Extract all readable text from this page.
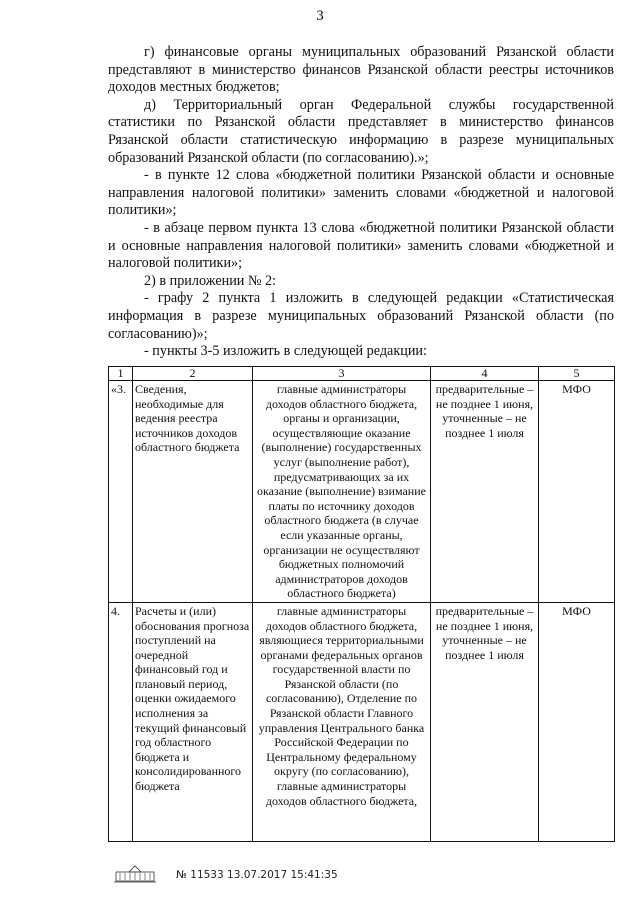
3

г) финансовые органы муниципальных образований Рязанской области представляют в министерство финансов Рязанской области реестры источников доходов местных бюджетов;

д) Территориальный орган Федеральной службы государственной статистики по Рязанской области представляет в министерство финансов Рязанской области статистическую информацию в разрезе муниципальных образований Рязанской области (по согласованию).»;

- в пункте 12 слова «бюджетной политики Рязанской области и основные направления налоговой политики» заменить словами «бюджетной и налоговой политики»;

- в абзаце первом пункта 13 слова «бюджетной политики Рязанской области и основные направления налоговой политики» заменить словами «бюджетной и налоговой политики»;

2) в приложении № 2:

- графу 2 пункта 1 изложить в следующей редакции «Статистическая информация в разрезе муниципальных образований Рязанской области (по согласованию)»;

- пункты 3-5 изложить в следующей редакции:

1	2	3	4	5
«3.	Сведения, необходимые для ведения реестра источников доходов областного бюджета	главные администраторы доходов областного бюджета, органы и организации, осуществляющие оказание (выполнение) государственных услуг (выполнение работ), предусматривающих за их оказание (выполнение) взимание платы по источнику доходов областного бюджета (в случае если указанные органы, организации не осуществляют бюджетных полномочий администраторов доходов областного бюджета)	предварительные – не позднее 1 июня, уточненные – не позднее 1 июля	МФО
4.	Расчеты и (или) обоснования прогноза поступлений на очередной финансовый год и плановый период, оценки ожидаемого исполнения за текущий финансовый год областного бюджета и консолидированного бюджета	главные администраторы доходов областного бюджета, являющиеся территориальными органами федеральных органов государственной власти по Рязанской области (по согласованию), Отделение по Рязанской области Главного управления Центрального банка Российской Федерации по Центральному федеральному округу (по согласованию), главные администраторы доходов областного бюджета,	предварительные – не позднее 1 июня, уточненные – не позднее 1 июля	МФО
№ 11533 13.07.2017 15:41:35
